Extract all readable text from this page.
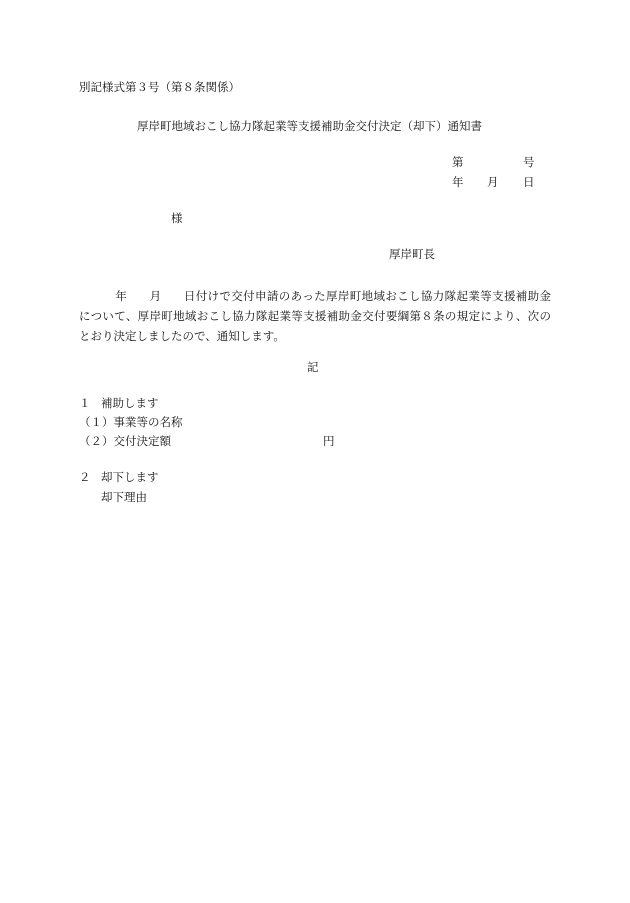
別記様式第３号（第８条関係）
厚岸町地域おこし協力隊起業等支援補助金交付決定（却下）通知書
第	号
年 月 日
様
厚岸町長
年 月 日付けで交付申請のあった厚岸町地域おこし協力隊起業等支援補助金
について、厚岸町地域おこし協力隊起業等支援補助金交付要綱第８条の規定により、次の
とおり決定しましたので、通知します。
記
１ 補助します
（１）事業等の名称
（２）交付決定額	円
２ 却下します
却下理由
